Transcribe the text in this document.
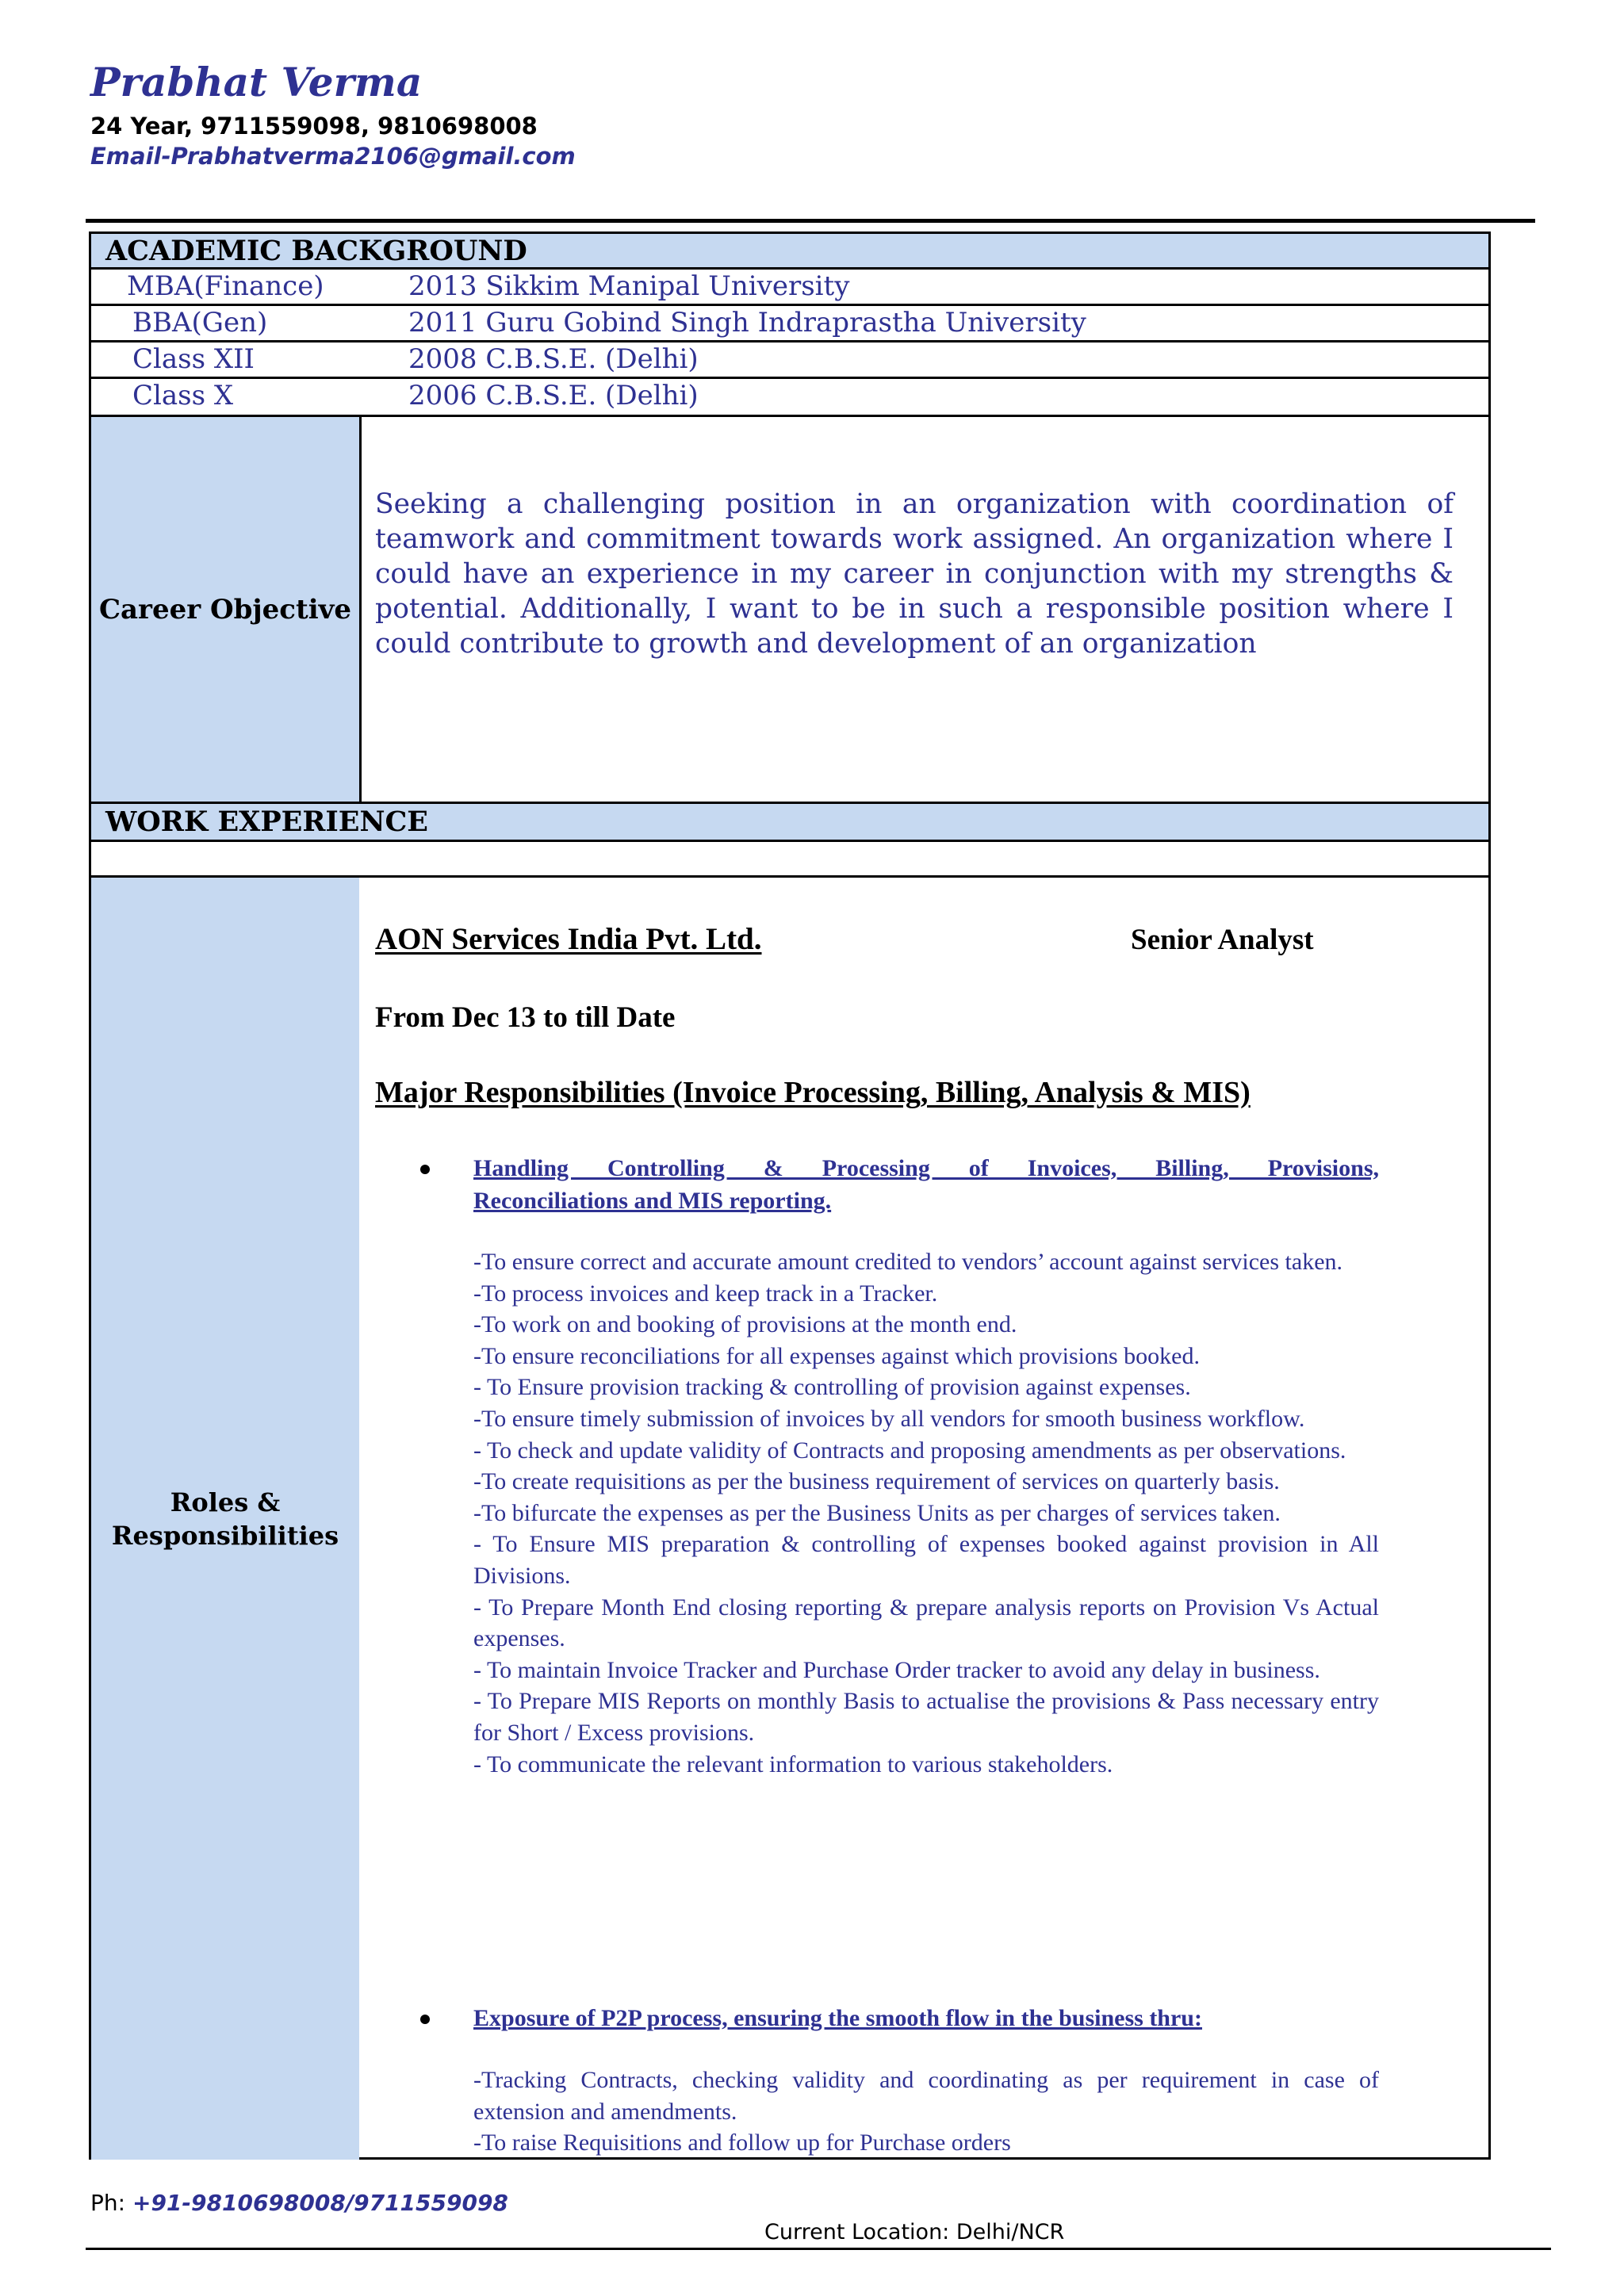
Prabhat Verma
24 Year, 9711559098, 9810698008
Email-Prabhatverma2106@gmail.com
ACADEMIC BACKGROUND
MBA(Finance)	2013 Sikkim Manipal University
BBA(Gen)	2011 Guru Gobind Singh Indraprastha University
Class XII	2008 C.B.S.E. (Delhi)
Class X	2006 C.B.S.E. (Delhi)
Career Objective
Seeking a challenging position in an organization with coordination of teamwork and commitment towards work assigned. An organization where I could have an experience in my career in conjunction with my strengths & potential. Additionally, I want to be in such a responsible position where I could contribute to growth and development of an organization
WORK EXPERIENCE
Roles &
Responsibilities
AON Services India Pvt. Ltd.	Senior Analyst
From Dec 13 to till Date
Major Responsibilities (Invoice Processing, Billing, Analysis & MIS)
Handling Controlling & Processing of Invoices, Billing, Provisions,
Reconciliations and MIS reporting.
-To ensure correct and accurate amount credited to vendors’ account against services taken.
-To process invoices and keep track in a Tracker.
-To work on and booking of provisions at the month end.
-To ensure reconciliations for all expenses against which provisions booked.
- To Ensure provision tracking & controlling of provision against expenses.
-To ensure timely submission of invoices by all vendors for smooth business workflow.
- To check and update validity of Contracts and proposing amendments as per observations.
-To create requisitions as per the business requirement of services on quarterly basis.
-To bifurcate the expenses as per the Business Units as per charges of services taken.
- To Ensure MIS preparation & controlling of expenses booked against provision in All Divisions.
- To Prepare Month End closing reporting & prepare analysis reports on Provision Vs Actual expenses.
- To maintain Invoice Tracker and Purchase Order tracker to avoid any delay in business.
- To Prepare MIS Reports on monthly Basis to actualise the provisions & Pass necessary entry for Short / Excess provisions.
- To communicate the relevant information to various stakeholders.
Exposure of P2P process, ensuring the smooth flow in the business thru:
-Tracking Contracts, checking validity and coordinating as per requirement in case of extension and amendments.
-To raise Requisitions and follow up for Purchase orders
Ph: +91-9810698008/9711559098
Current Location: Delhi/NCR
